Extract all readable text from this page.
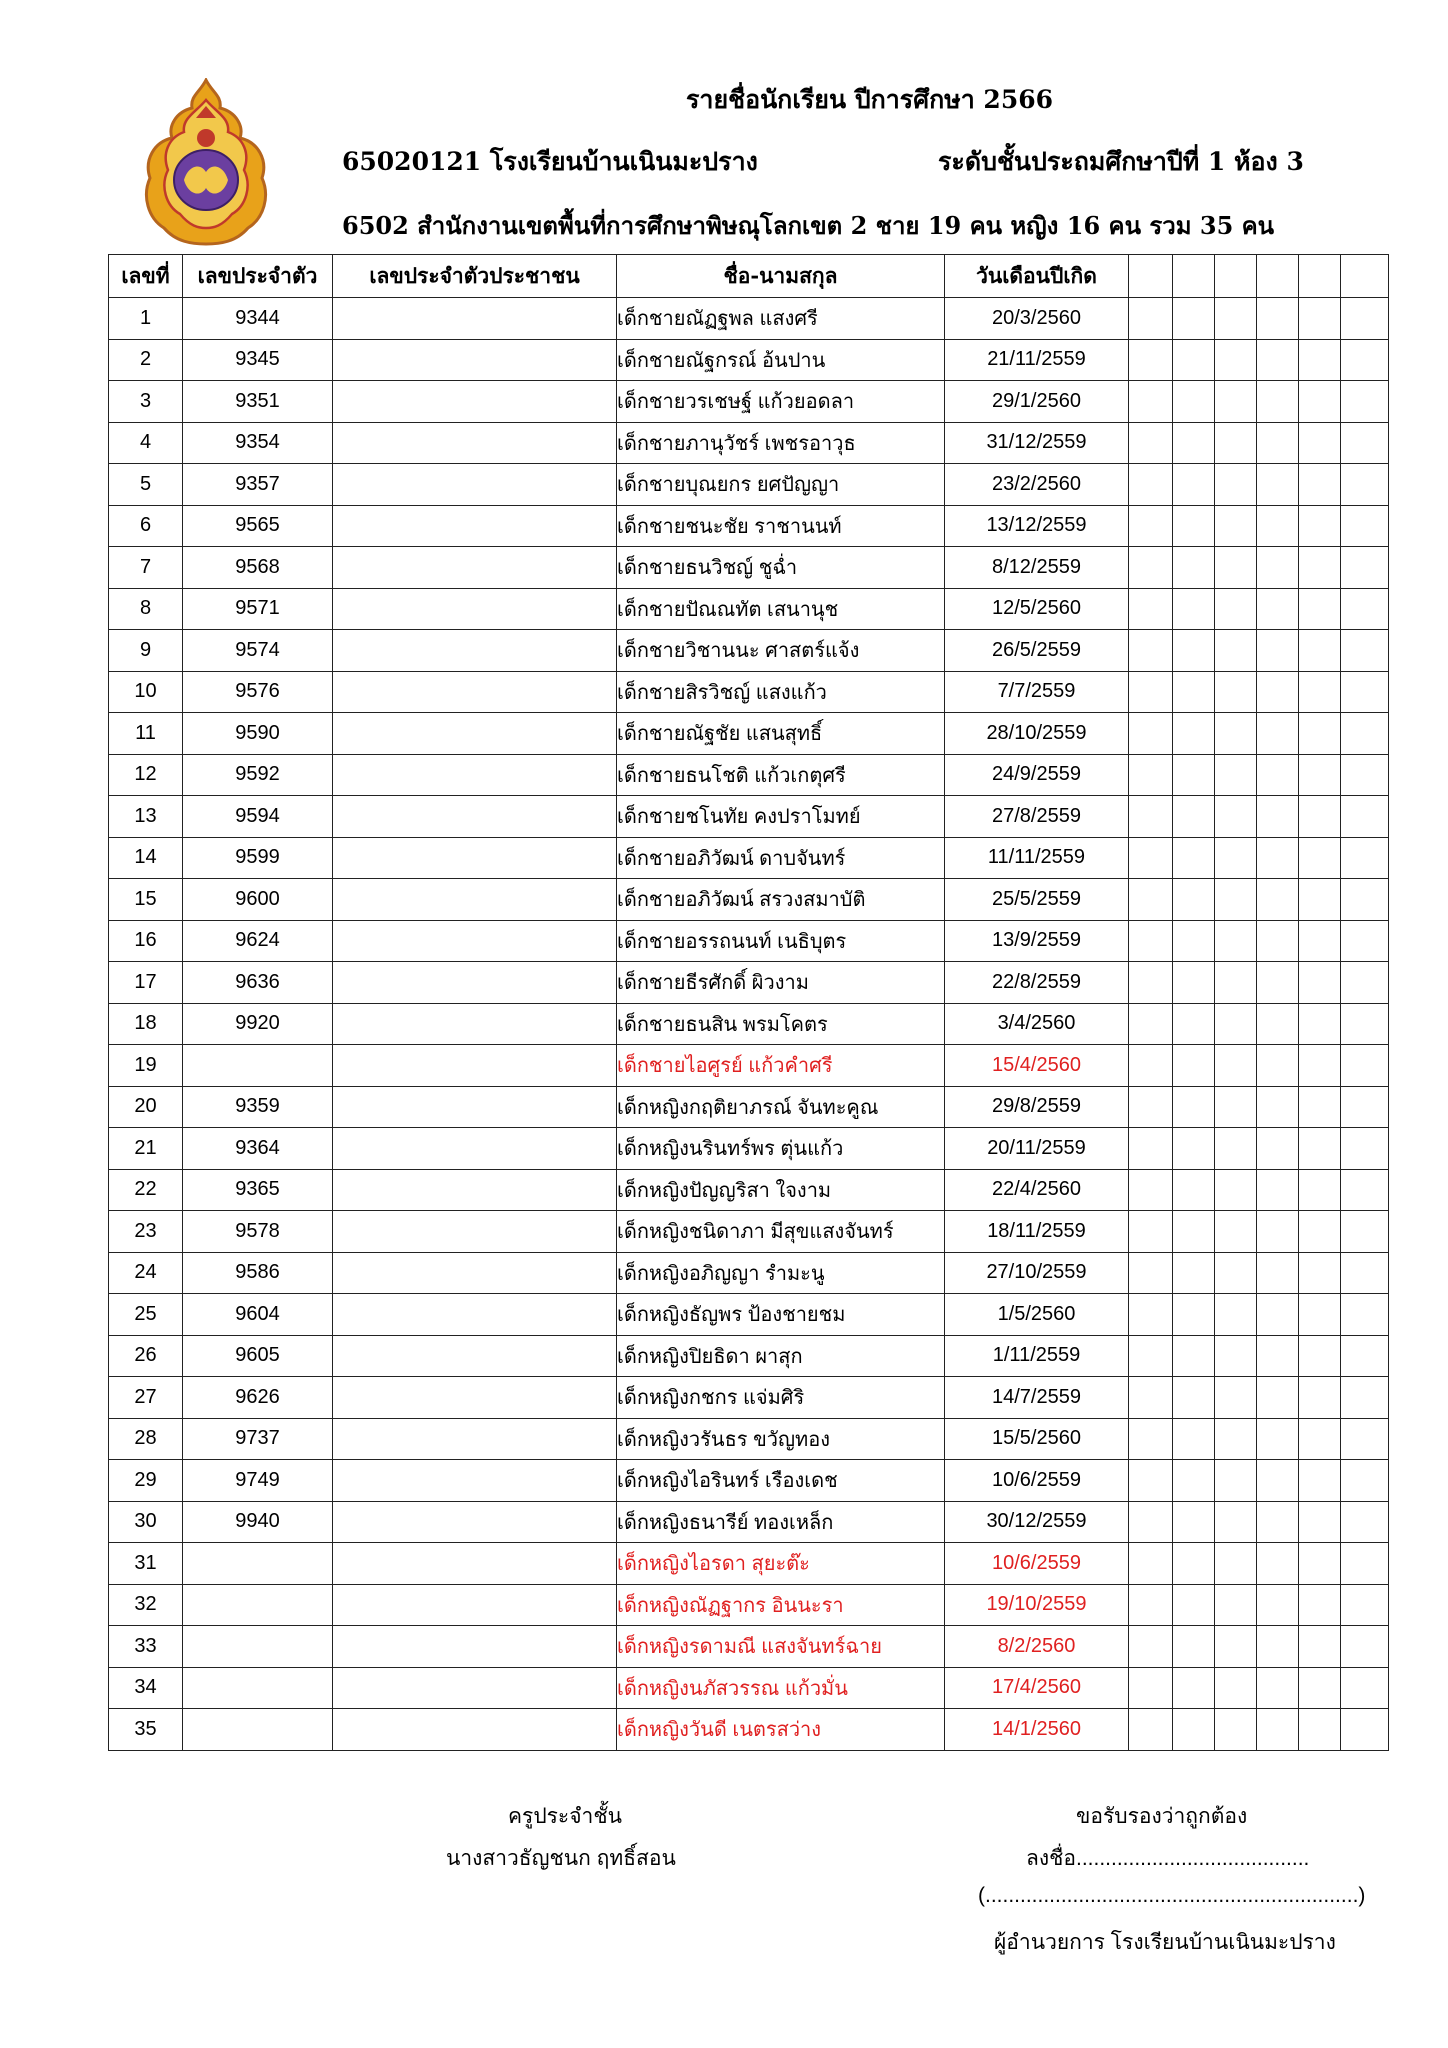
รายชื่อนักเรียน ปีการศึกษา 2566
65020121 โรงเรียนบ้านเนินมะปราง	ระดับชั้นประถมศึกษาปีที่ 1 ห้อง 3
6502 สำนักงานเขตพื้นที่การศึกษาพิษณุโลกเขต 2 ชาย 19 คน หญิง 16 คน รวม 35 คน
เลขที่	เลขประจำตัว	เลขประจำตัวประชาชน	ชื่อ-นามสกุล	วันเดือนปีเกิด						
1	9344		เด็กชายณัฏฐพล แสงศรี	20/3/2560						
2	9345		เด็กชายณัฐกรณ์ อ้นปาน	21/11/2559						
3	9351		เด็กชายวรเชษฐ์ แก้วยอดลา	29/1/2560						
4	9354		เด็กชายภานุวัชร์ เพชรอาวุธ	31/12/2559						
5	9357		เด็กชายบุณยกร ยศปัญญา	23/2/2560						
6	9565		เด็กชายชนะชัย ราชานนท์	13/12/2559						
7	9568		เด็กชายธนวิชญ์ ชูฉ่ำ	8/12/2559						
8	9571		เด็กชายปัณณทัต เสนานุช	12/5/2560						
9	9574		เด็กชายวิชานนะ ศาสตร์แจ้ง	26/5/2559						
10	9576		เด็กชายสิรวิชญ์ แสงแก้ว	7/7/2559						
11	9590		เด็กชายณัฐชัย แสนสุทธิ์	28/10/2559						
12	9592		เด็กชายธนโชติ แก้วเกตุศรี	24/9/2559						
13	9594		เด็กชายชโนทัย คงปราโมทย์	27/8/2559						
14	9599		เด็กชายอภิวัฒน์ ดาบจันทร์	11/11/2559						
15	9600		เด็กชายอภิวัฒน์ สรวงสมาบัติ	25/5/2559						
16	9624		เด็กชายอรรถนนท์ เนธิบุตร	13/9/2559						
17	9636		เด็กชายธีรศักดิ์ ผิวงาม	22/8/2559						
18	9920		เด็กชายธนสิน พรมโคตร	3/4/2560						
19			เด็กชายไอศูรย์ แก้วคำศรี	15/4/2560						
20	9359		เด็กหญิงกฤติยาภรณ์ จันทะคูณ	29/8/2559						
21	9364		เด็กหญิงนรินทร์พร ตุ่นแก้ว	20/11/2559						
22	9365		เด็กหญิงปัญญริสา ใจงาม	22/4/2560						
23	9578		เด็กหญิงชนิดาภา มีสุขแสงจันทร์	18/11/2559						
24	9586		เด็กหญิงอภิญญา รำมะนู	27/10/2559						
25	9604		เด็กหญิงธัญพร ป้องชายชม	1/5/2560						
26	9605		เด็กหญิงปิยธิดา ผาสุก	1/11/2559						
27	9626		เด็กหญิงกชกร แจ่มศิริ	14/7/2559						
28	9737		เด็กหญิงวรันธร ขวัญทอง	15/5/2560						
29	9749		เด็กหญิงไอรินทร์ เรืองเดช	10/6/2559						
30	9940		เด็กหญิงธนารีย์ ทองเหล็ก	30/12/2559						
31			เด็กหญิงไอรดา สุยะต๊ะ	10/6/2559						
32			เด็กหญิงณัฏฐากร อินนะรา	19/10/2559						
33			เด็กหญิงรดามณี แสงจันทร์ฉาย	8/2/2560						
34			เด็กหญิงนภัสวรรณ แก้วมั่น	17/4/2560						
35			เด็กหญิงวันดี เนตรสว่าง	14/1/2560						
ครูประจำชั้น
นางสาวธัญชนก ฤทธิ์สอน
ขอรับรองว่าถูกต้อง
ลงชื่อ........................................
(................................................................)
ผู้อำนวยการ โรงเรียนบ้านเนินมะปราง
